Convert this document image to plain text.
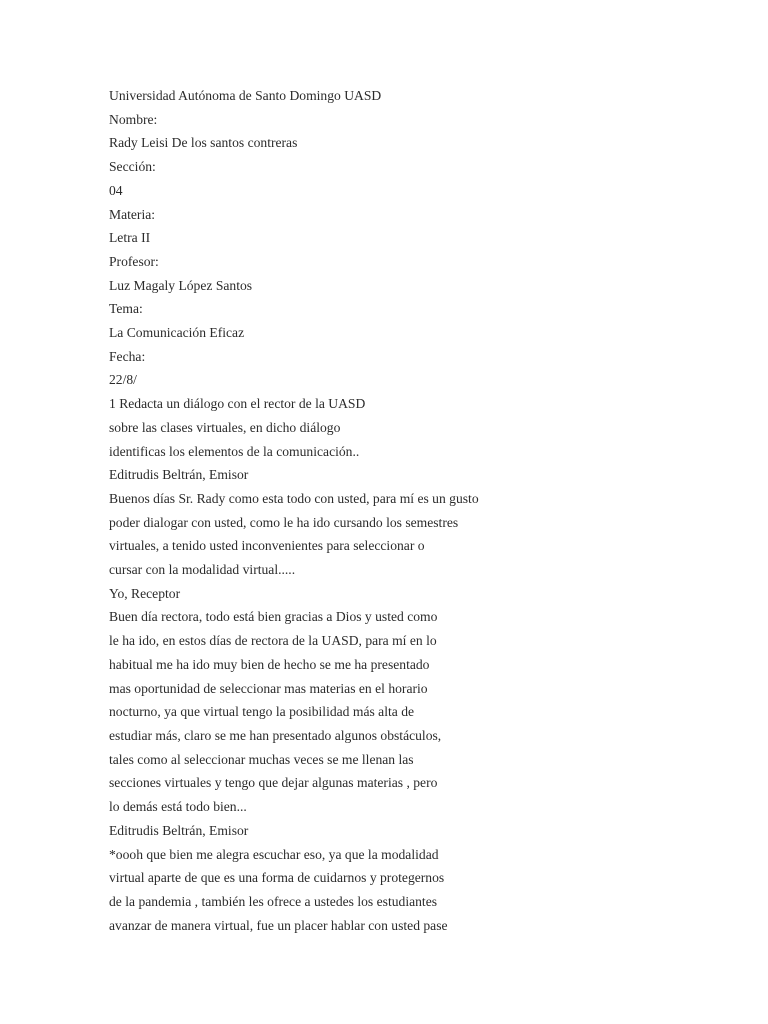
Universidad Autónoma de Santo Domingo UASD

Nombre:

Rady Leisi De los santos contreras

Sección:

04

Materia:

Letra II

Profesor:

Luz Magaly López Santos

Tema:

La Comunicación Eficaz

Fecha:

22/8/

1 Redacta un diálogo con el rector de la UASD

sobre las clases virtuales, en dicho diálogo

identificas los elementos de la comunicación..

Editrudis Beltrán, Emisor

Buenos días Sr. Rady como esta todo con usted, para mí es un gusto

poder dialogar con usted, como le ha ido cursando los semestres

virtuales, a tenido usted inconvenientes para seleccionar o

cursar con la modalidad virtual.....

Yo, Receptor

Buen día rectora, todo está bien gracias a Dios y usted como

le ha ido, en estos días de rectora de la UASD, para mí en lo

habitual me ha ido muy bien de hecho se me ha presentado

mas oportunidad de seleccionar mas materias en el horario

nocturno, ya que virtual tengo la posibilidad más alta de

estudiar más, claro se me han presentado algunos obstáculos,

tales como al seleccionar muchas veces se me llenan las

secciones virtuales y tengo que dejar algunas materias , pero

lo demás está todo bien...

Editrudis Beltrán, Emisor

*oooh que bien me alegra escuchar eso, ya que la modalidad

virtual aparte de que es una forma de cuidarnos y protegernos

de la pandemia , también les ofrece a ustedes los estudiantes

avanzar de manera virtual, fue un placer hablar con usted pase
